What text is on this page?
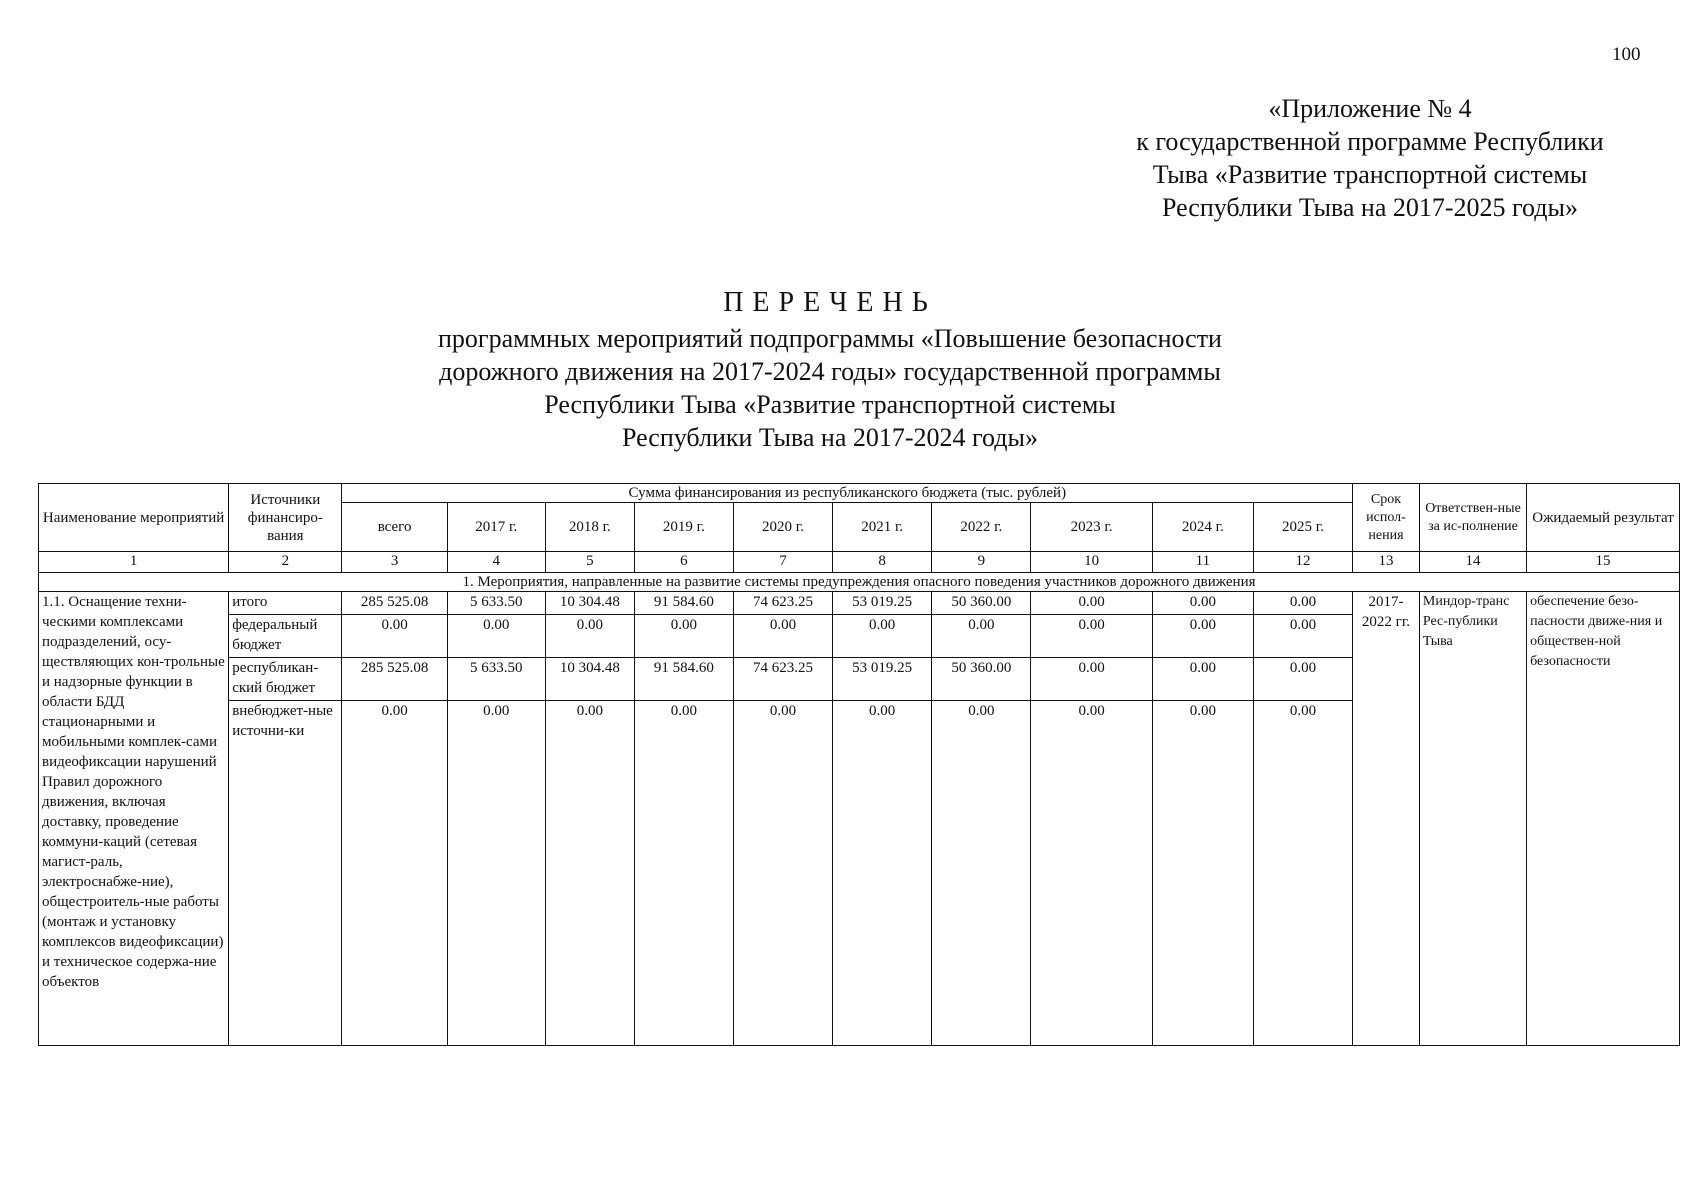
100
«Приложение № 4
к государственной программе Республики
Тыва «Развитие транспортной системы
Республики Тыва на 2017-2025 годы»
ПЕРЕЧЕНЬ
программных мероприятий подпрограммы «Повышение безопасности
дорожного движения на 2017-2024 годы» государственной программы
Республики Тыва «Развитие транспортной системы
Республики Тыва на 2017-2024 годы»
Наименование мероприятий	Источники финансиро-вания	Сумма финансирования из республиканского бюджета (тыс. рублей)										Срок испол-нения	Ответствен-ные за ис-полнение	Ожидаемый результат
		всего	2017 г.	2018 г.	2019 г.	2020 г.	2021 г.	2022 г.	2023 г.	2024 г.	2025 г.			
1	2	3	4	5	6	7	8	9	10	11	12	13	14	15
1. Мероприятия, направленные на развитие системы предупреждения опасного поведения участников дорожного движения														
1.1. Оснащение техни-ческими комплексами подразделений, осу-ществляющих кон-трольные и надзорные функции в области БДД стационарными и мобильными комплек-сами видеофиксации нарушений Правил дорожного движения, включая доставку, проведение коммуни-каций (сетевая магист-раль, электроснабже-ние), общестроитель-ные работы (монтаж и установку комплексов видеофиксации) и техническое содержа-ние объектов	итого	285 525.08	5 633.50	10 304.48	91 584.60	74 623.25	53 019.25	50 360.00	0.00	0.00	0.00	2017-2022 гг.	Миндор-транс Рес-публики Тыва	обеспечение безо-пасности движе-ния и обществен-ной безопасности
	федеральный бюджет	0.00	0.00	0.00	0.00	0.00	0.00	0.00	0.00	0.00	0.00			
	республикан-ский бюджет	285 525.08	5 633.50	10 304.48	91 584.60	74 623.25	53 019.25	50 360.00	0.00	0.00	0.00			
	внебюджет-ные источни-ки	0.00	0.00	0.00	0.00	0.00	0.00	0.00	0.00	0.00	0.00			
